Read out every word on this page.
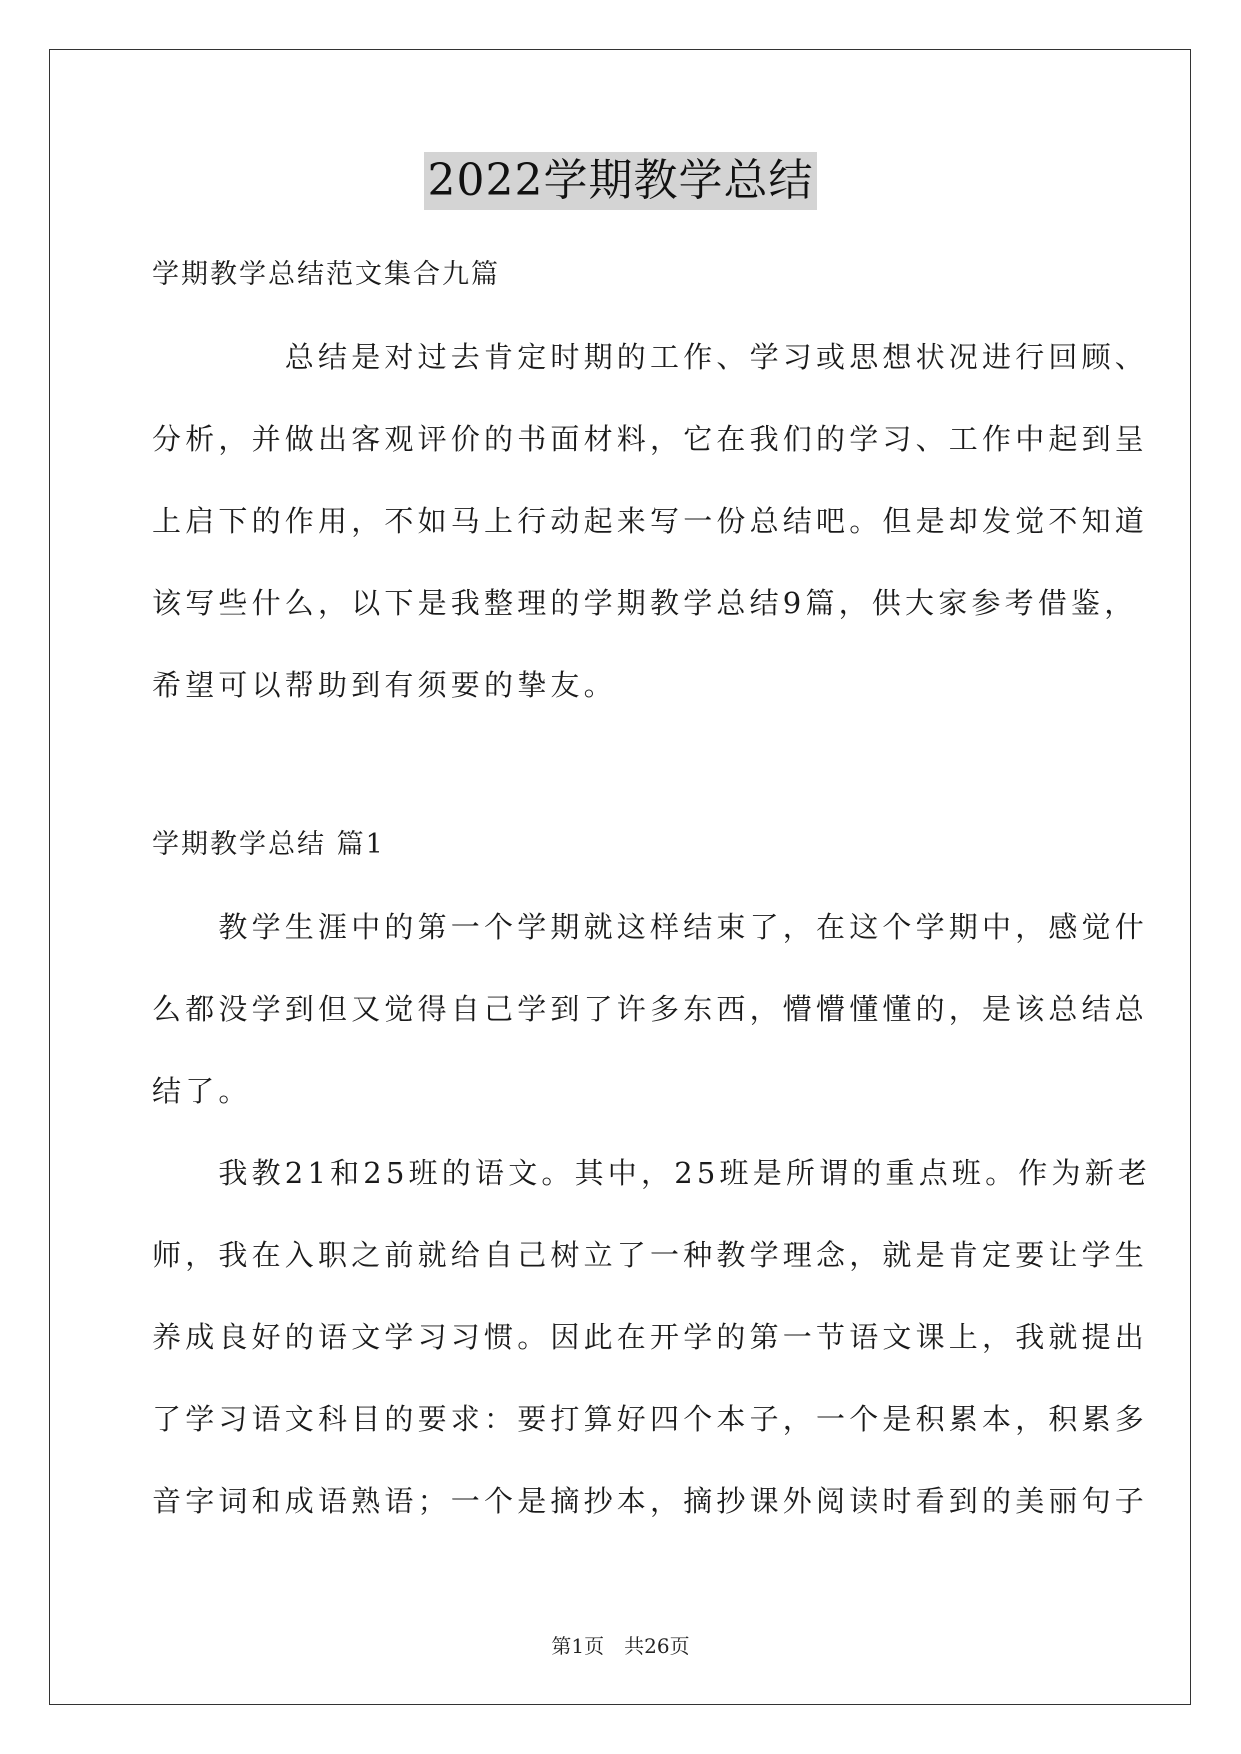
2022学期教学总结
学期教学总结范文集合九篇
　　　　总结是对过去肯定时期的工作、学习或思想状况进行回顾、
分析，并做出客观评价的书面材料，它在我们的学习、工作中起到呈
上启下的作用，不如马上行动起来写一份总结吧。但是却发觉不知道
该写些什么，以下是我整理的学期教学总结9篇，供大家参考借鉴，
希望可以帮助到有须要的挚友。
学期教学总结 篇1
　　教学生涯中的第一个学期就这样结束了，在这个学期中，感觉什
么都没学到但又觉得自己学到了许多东西，懵懵懂懂的，是该总结总
结了。
　　我教21和25班的语文。其中，25班是所谓的重点班。作为新老
师，我在入职之前就给自己树立了一种教学理念，就是肯定要让学生
养成良好的语文学习习惯。因此在开学的第一节语文课上，我就提出
了学习语文科目的要求：要打算好四个本子，一个是积累本，积累多
音字词和成语熟语；一个是摘抄本，摘抄课外阅读时看到的美丽句子
第1页 共26页
